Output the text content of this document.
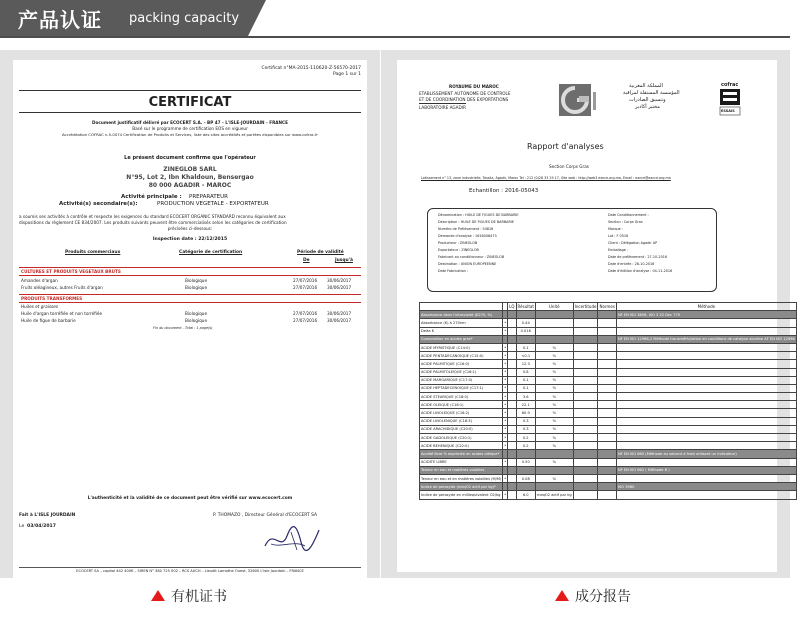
产品认证 packing capacity
Certificat n°MA-2015-110620-Z-56570-2017
Page 1 sur 1
CERTIFICAT
Document justificatif délivré par ECOCERT S.A. - BP 47 - L'ISLE-JOURDAIN - FRANCE
Basé sur le programme de certification EOS en vigueur
Accréditation COFRAC n.5-0074 Certification de Produits et Services, liste des sites accrédités et portées disponibles sur www.cofrac.fr
Le présent document confirme que l'opérateur
ZINEGLOB SARL
N°95, Lot 2, Ibn Khaldoun, Bensergao
80 000 AGADIR - MAROC
Activité principale : PREPARATEUR
Activité(s) secondaire(s):	PRODUCTION VEGETALE - EXPORTATEUR
a soumis ses activités à contrôle et respecte les exigences du standard ECOCERT ORGANIC STANDARD reconnu équivalent aux
dispositions du règlement CE 834/2007. Les produits suivants peuvent être commercialisés selon les catégories de certification
précisées ci-dessous:
Inspection date : 22/12/2015
Produits commerciaux	Catégorie de certification	Période de validité
De	Jusqu'à
CULTURES ET PRODUITS VEGETAUX BRUTS
Amandes d'argan	Biologique	27/07/2016 30/06/2017
Fruits oléagineux, autres Fruits d'argan	Biologique	27/07/2016 30/06/2017
PRODUITS TRANSFORMES
Huiles et graisses
Huile d'argan torréfiée et non torréfiée	Biologique	27/07/2016 30/06/2017
Huile de figue de barbarie	Biologique	27/07/2016 30/06/2017
Fin du document - Total : 1 page(s)
L'authenticité et la validité de ce document peut être vérifié sur www.ecocert.com
Fait à L'ISLE JOURDAIN	P. THOMAZO , Directeur Général d'ECOCERT SA
Le 03/04/2017
ECOCERT SA – capital 442 400€ – SIREN N° 380 725 002 – RCS AUCH – Lieudit Lamothe Ouest, 32600 L'Isle Jourdain – FRANCE
ROYAUME DU MAROC
ETABLISSEMENT AUTONOME DE CONTROLE
ET DE COORDINATION DES EXPORTATIONS
LABORATOIRE AGADIR
المملكة المغربية
المؤسسة المستقلة لمراقبة
وتنسيق الصادرات
مختبر أكادير
cofrac
ESSAIS
Rapport d'analyses
Section Corps Gras
Lotissement n° 13, zone industrielle, Tassila, Agadir, Maroc Tel : 212 (0)28 33 29 17, Site web : http://web3.eacce.org.ma, Email : eacce@eacce.org.ma
Echantillon : 2016-05043
Dénomination : HUILE DE FIGUES DE BARBARIE
Description : HUILE DE FIGUES DE BARBARIE
Numéro de Prélèvement : 54816
Demande d'analyse : 1616006473
Producteur : ZINEGLOB
Exportateur : ZINEGLOB
Fabricant ou conditionneur : ZINEGLOB
Destination : UNION EUROPEENNE
Date Fabrication :
Date Conditionnement :
Section : Corps Gras
Marque :
Lot : F 0516
Client : Délégation Agadir AP
Emballage :
Date de prélèvement : 27-10-2016
Date d'entrée : 28-10-2016
Date d'édition d'analyse : 04-11-2016
		LQ	Résultat	Unité	Incertitude	Normes	Méthode
Absorbance dans l'ultraviolet (K270, %)							NF EN ISO 3656, ISO 3 32 Dec 779
Absorbance (K) à 270nm	*		0.44				
Delta K	*		0.016				
Composition en acides gras*							NF EN ISO 12966-2 Méthode transméthylation en conditions de catalyse alcaline AF EN ISO 12966
ACIDE MYRISTIQUE (C14:0)	*		0.1	%			
ACIDE PENTADECANOIQUE (C15:0)	*		<0.1	%			
ACIDE PALMITIQUE (C16:0)	*		12.3	%			
ACIDE PALMITOLEIQUE (C16:1)	*		0.8	%			
ACIDE MARGARIQUE (C17:0)	*		0.1	%			
ACIDE HEPTADECENOIQUE (C17:1)	*		0.1	%			
ACIDE STEARIQUE (C18:0)	*		3.6	%			
ACIDE OLEIQUE (C18:1)	*		22.1	%			
ACIDE LINOLEIQUE (C18:2)	*		60.9	%			
ACIDE LINOLENIQUE (C18:3)	*		0.3	%			
ACIDE ARACHIDIQUE (C20:0)	*		0.3	%			
ACIDE GADOLEIQUE (C20:1)	*		0.2	%			
ACIDE BEHENIQUE (C22:0)	*		0.2	%			
Acidité libre % exprimée en acides oléique*							NF EN ISO 660 (Méthode au solvant à froid utilisant un indicateur)
ACIDITE LIBRE	*		0.50	%			
Teneur en eau et matières volatiles							NF EN ISO 662 ( Méthode B )
Teneur en eau et en matières volatiles (M/M)	*		0.08	%			
Indice de peroxyde (meqO2 actif par kg)*							ISO 3960
Indice de peroxyde en milliequivalent O2/kg	*		6.0	meqO2 actif par kg			
有机证书	成分报告
